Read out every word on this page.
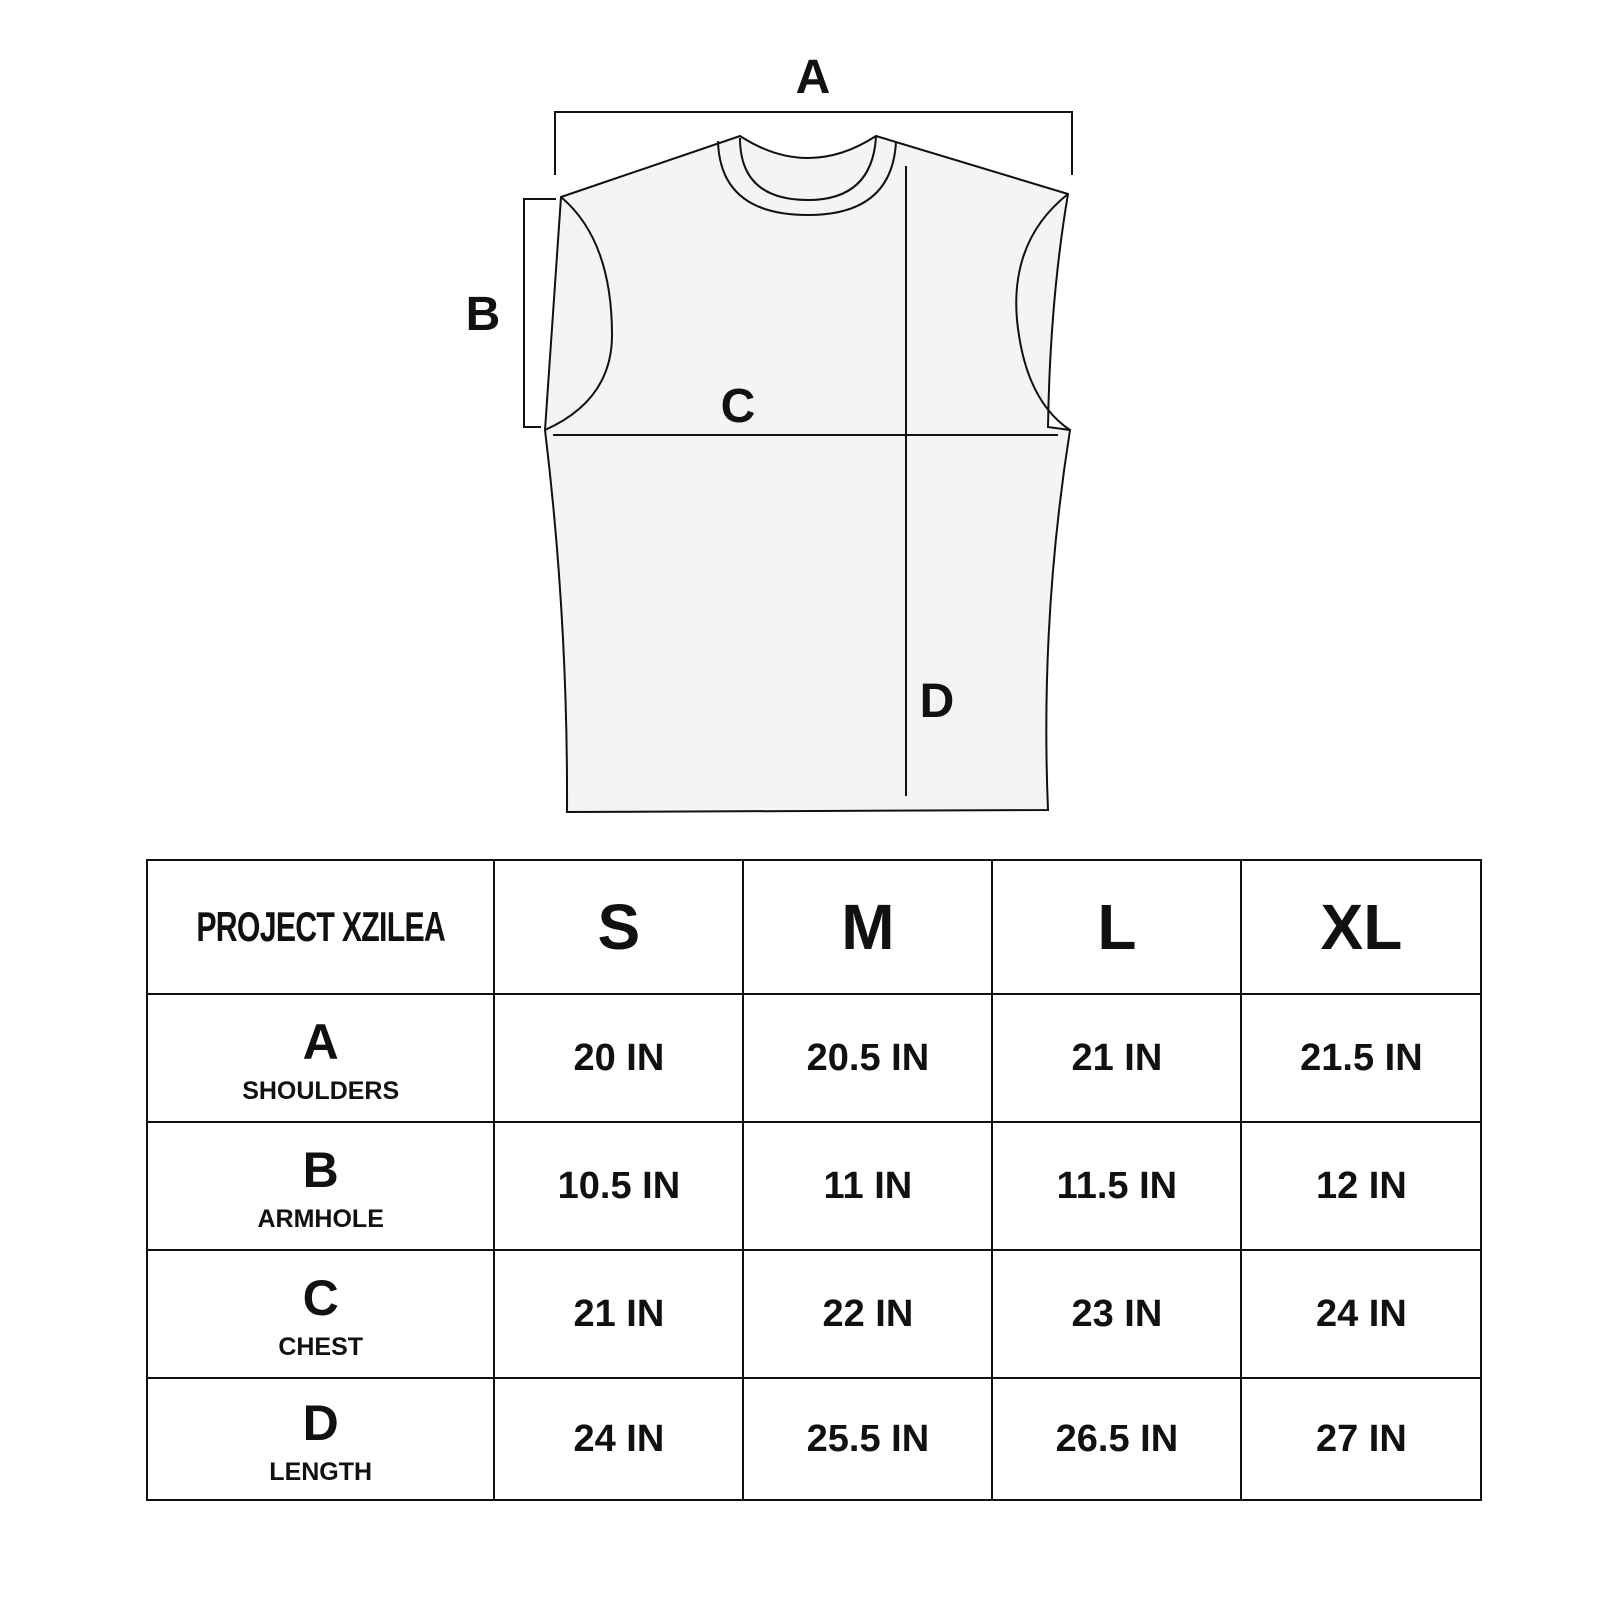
A
B
C
D
PROJECT XZILEA	S	M	L	XL

A
SHOULDERS	20 IN	20.5 IN	21 IN	21.5 IN

B
ARMHOLE	10.5 IN	11 IN	11.5 IN	12 IN

C
CHEST	21 IN	22 IN	23 IN	24 IN

D
LENGTH	24 IN	25.5 IN	26.5 IN	27 IN
